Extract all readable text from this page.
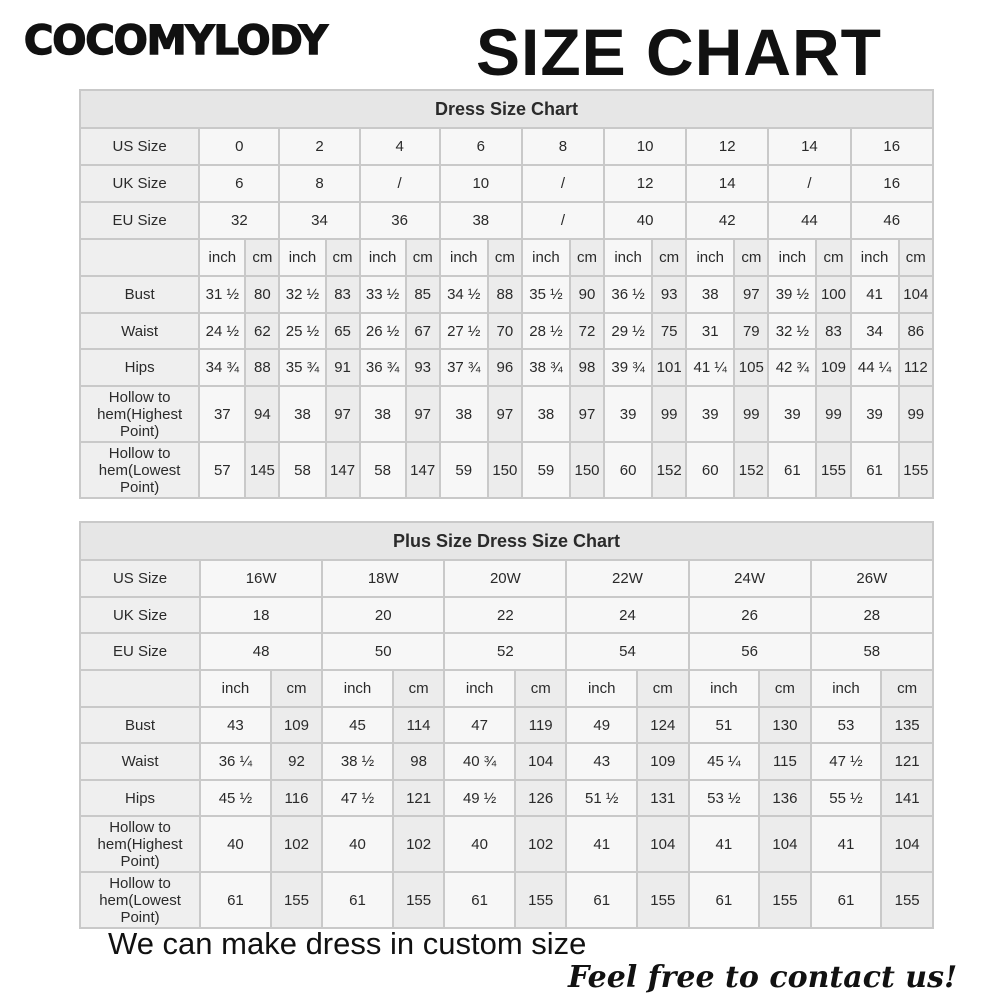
COCOMYLODY SIZE CHART
Dress Size Chart																		
US Size	0		2		4		6		8		10		12		14		16	
UK Size	6		8		/		10		/		12		14		/		16	
EU Size	32		34		36		38		/		40		42		44		46	
	inch	cm	inch	cm	inch	cm	inch	cm	inch	cm	inch	cm	inch	cm	inch	cm	inch	cm
Bust	31 ½	80	32 ½	83	33 ½	85	34 ½	88	35 ½	90	36 ½	93	38	97	39 ½	100	41	104
Waist	24 ½	62	25 ½	65	26 ½	67	27 ½	70	28 ½	72	29 ½	75	31	79	32 ½	83	34	86
Hips	34 ¾	88	35 ¾	91	36 ¾	93	37 ¾	96	38 ¾	98	39 ¾	101	41 ¼	105	42 ¾	109	44 ¼	112
Hollow to hem(Highest Point)	37	94	38	97	38	97	38	97	38	97	39	99	39	99	39	99	39	99
Hollow to hem(Lowest Point)	57	145	58	147	58	147	59	150	59	150	60	152	60	152	61	155	61	155
Plus Size Dress Size Chart												
US Size	16W		18W		20W		22W		24W		26W	
UK Size	18		20		22		24		26		28	
EU Size	48		50		52		54		56		58	
	inch	cm	inch	cm	inch	cm	inch	cm	inch	cm	inch	cm
Bust	43	109	45	114	47	119	49	124	51	130	53	135
Waist	36 ¼	92	38 ½	98	40 ¾	104	43	109	45 ¼	115	47 ½	121
Hips	45 ½	116	47 ½	121	49 ½	126	51 ½	131	53 ½	136	55 ½	141
Hollow to hem(Highest Point)	40	102	40	102	40	102	41	104	41	104	41	104
Hollow to hem(Lowest Point)	61	155	61	155	61	155	61	155	61	155	61	155
We can make dress in custom size
Feel free to contact us!
